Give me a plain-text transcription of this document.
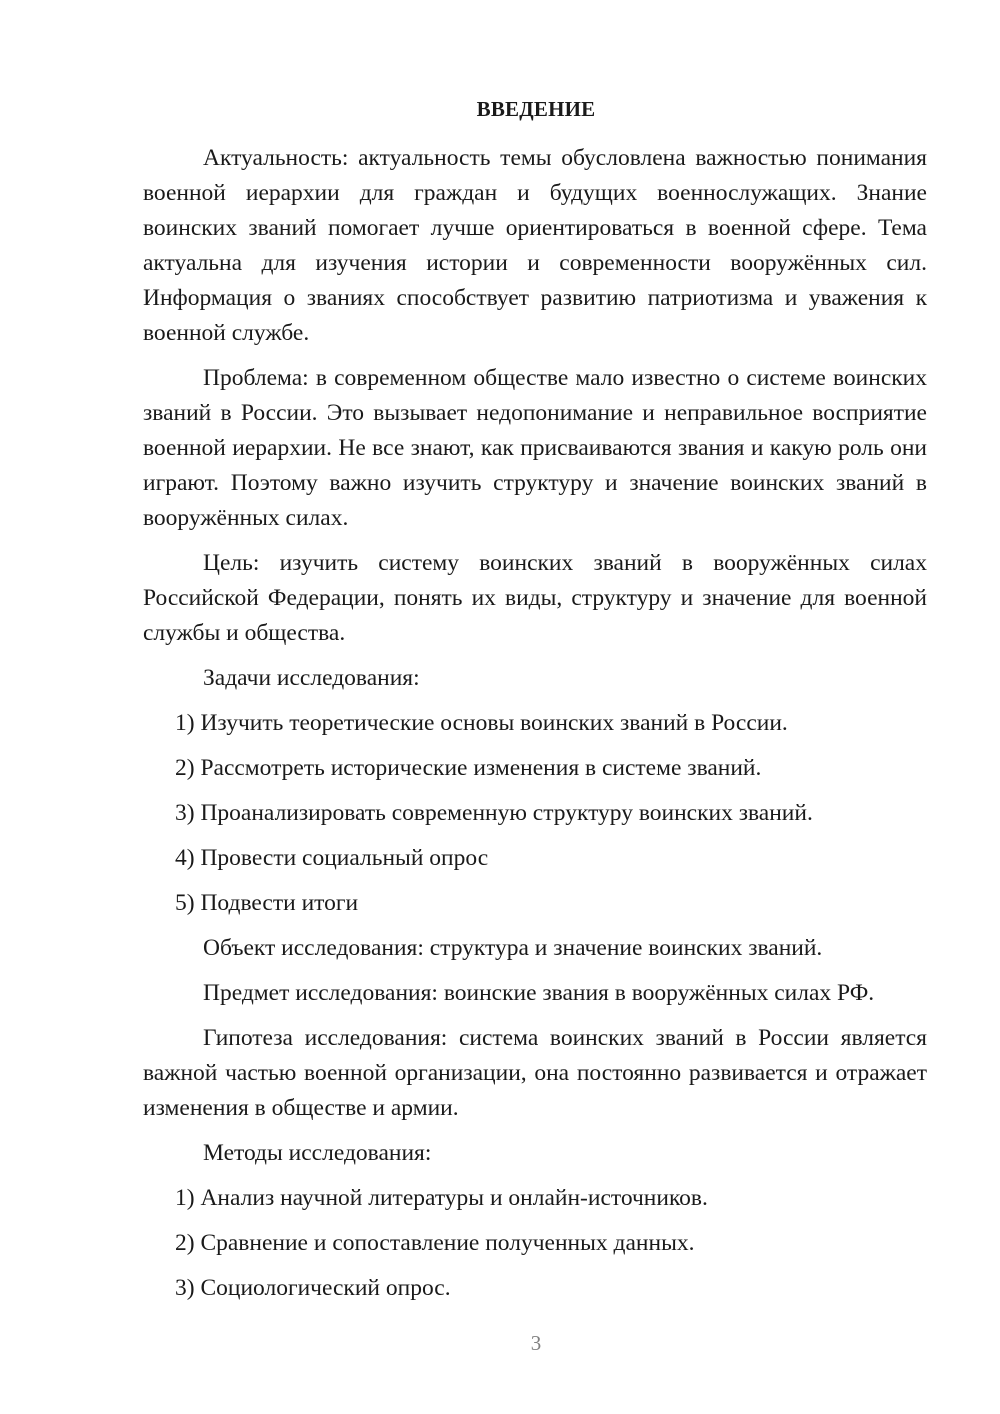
ВВЕДЕНИЕ

Актуальность: актуальность темы обусловлена важностью понимания военной иерархии для граждан и будущих военнослужащих. Знание воинских званий помогает лучше ориентироваться в военной сфере. Тема актуальна для изучения истории и современности вооружённых сил. Информация о званиях способствует развитию патриотизма и уважения к военной службе.

Проблема: в современном обществе мало известно о системе воинских званий в России. Это вызывает недопонимание и неправильное восприятие военной иерархии. Не все знают, как присваиваются звания и какую роль они играют. Поэтому важно изучить структуру и значение воинских званий в вооружённых силах.

Цель: изучить систему воинских званий в вооружённых силах Российской Федерации, понять их виды, структуру и значение для военной службы и общества.

Задачи исследования:

1) Изучить теоретические основы воинских званий в России.

2) Рассмотреть исторические изменения в системе званий.

3) Проанализировать современную структуру воинских званий.

4) Провести социальный опрос

5) Подвести итоги

Объект исследования: структура и значение воинских званий.

Предмет исследования: воинские звания в вооружённых силах РФ.

Гипотеза исследования: система воинских званий в России является важной частью военной организации, она постоянно развивается и отражает изменения в обществе и армии.

Методы исследования:

1) Анализ научной литературы и онлайн-источников.

2) Сравнение и сопоставление полученных данных.

3) Социологический опрос.

3
